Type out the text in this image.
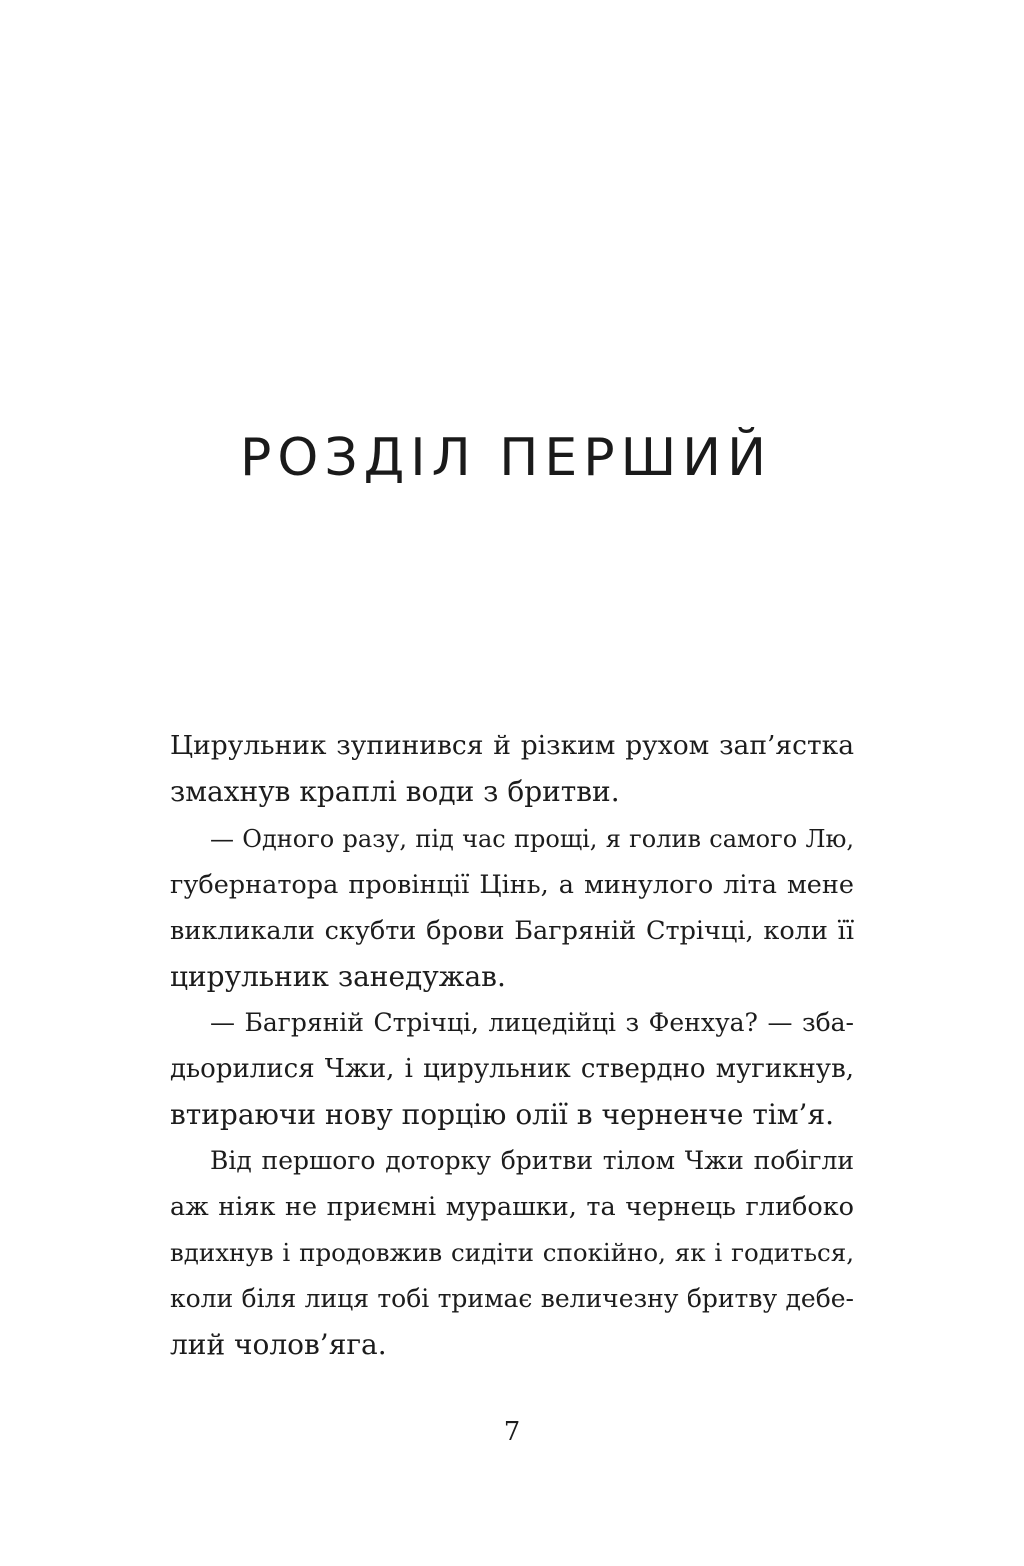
РОЗДІЛ ПЕРШИЙ
Цирульник зупинився й різким рухом зап’ястка
змахнув краплі води з бритви.
— Одного разу, під час прощі, я голив самого Лю,
губернатора провінції Цінь, а минулого літа мене
викликали скубти брови Багряній Стрічці, коли її
цирульник занедужав.
— Багряній Стрічці, лицедійці з Фенхуа? — зба-
дьорилися Чжи, і цирульник ствердно мугикнув,
втираючи нову порцію олії в черненче тім’я.
Від першого доторку бритви тілом Чжи побігли
аж ніяк не приємні мурашки, та чернець глибоко
вдихнув і продовжив сидіти спокійно, як і годиться,
коли біля лиця тобі тримає величезну бритву дебе-
лий чолов’яга.
7
